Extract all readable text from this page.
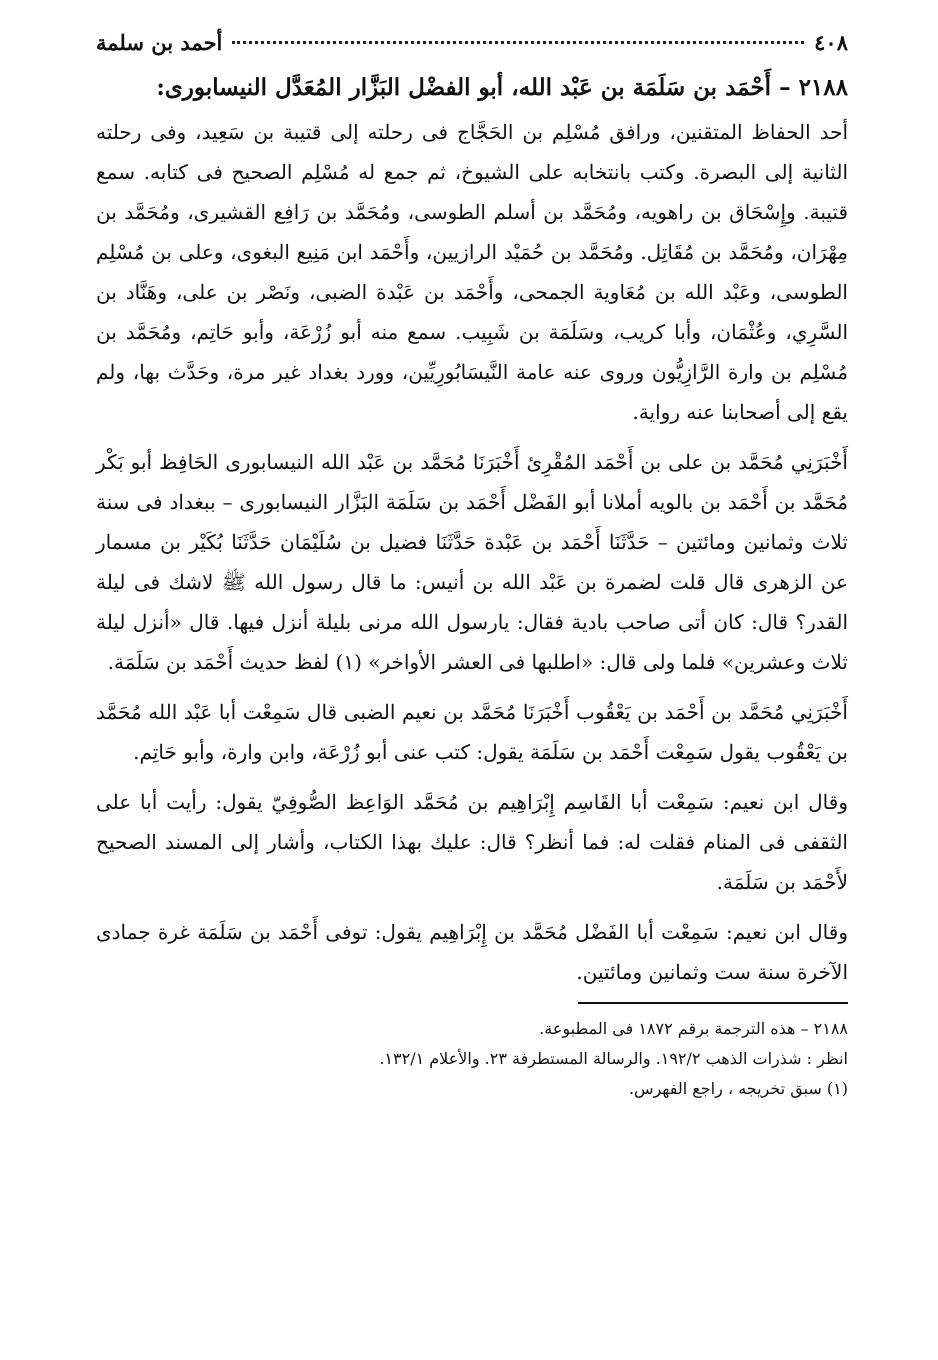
٤٠٨
أحمد بن سلمة
٢١٨٨ – أَحْمَد بن سَلَمَة بن عَبْد الله، أبو الفضْل البَزَّار المُعَدَّل النيسابورى:

أحد الحفاظ المتقنين، ورافق مُسْلِم بن الحَجَّاج فى رحلته إلى قتيبة بن سَعِيد، وفى رحلته الثانية إلى البصرة. وكتب بانتخابه على الشيوخ، ثم جمع له مُسْلِم الصحيح فى كتابه. سمع قتيبة. وإِسْحَاق بن راهويه، ومُحَمَّد بن أسلم الطوسى، ومُحَمَّد بن رَافِع القشيرى، ومُحَمَّد بن مِهْرَان، ومُحَمَّد بن مُقَاتِل. ومُحَمَّد بن حُمَيْد الرازيين، وأَحْمَد ابن مَنِيع البغوى، وعلى بن مُسْلِم الطوسى، وعَبْد الله بن مُعَاوية الجمحى، وأَحْمَد بن عَبْدة الضبى، ونَصْر بن على، وهَنَّاد بن السَّرِي، وعُثْمَان، وأبا كريب، وسَلَمَة بن شَبِيب. سمع منه أبو زُرْعَة، وأبو حَاتِم، ومُحَمَّد بن مُسْلِم بن وارة الرَّازِيُّون وروى عنه عامة النَّيسَابُورِيِّين، وورد بغداد غير مرة، وحَدَّث بها، ولم يقع إلى أصحابنا عنه رواية.

أَخْبَرَنِي مُحَمَّد بن على بن أَحْمَد المُقْرِئ أَخْبَرَنَا مُحَمَّد بن عَبْد الله النيسابورى الحَافِظ أبو بَكْر مُحَمَّد بن أَحْمَد بن بالويه أملانا أبو الفَضْل أَحْمَد بن سَلَمَة البَزَّار النيسابورى – ببغداد فى سنة ثلاث وثمانين ومائتين – حَدَّثَنَا أَحْمَد بن عَبْدة حَدَّثَنَا فضيل بن سُلَيْمَان حَدَّثَنَا بُكَيْر بن مسمار عن الزهرى قال قلت لضمرة بن عَبْد الله بن أنيس: ما قال رسول الله ﷺ لاشك فى ليلة القدر؟ قال: كان أتى صاحب بادية فقال: يارسول الله مرنى بليلة أنزل فيها. قال «أنزل ليلة ثلاث وعشرين» فلما ولى قال: «اطلبها فى العشر الأواخر» (١) لفظ حديث أَحْمَد بن سَلَمَة.

أَخْبَرَنِي مُحَمَّد بن أَحْمَد بن يَعْقُوب أَخْبَرَنَا مُحَمَّد بن نعيم الضبى قال سَمِعْت أبا عَبْد الله مُحَمَّد بن يَعْقُوب يقول سَمِعْت أَحْمَد بن سَلَمَة يقول: كتب عنى أبو زُرْعَة، وابن وارة، وأبو حَاتِم.

وقال ابن نعيم: سَمِعْت أبا القَاسِم إِبْرَاهِيم بن مُحَمَّد الوَاعِظ الصُّوفِيّ يقول: رأيت أبا على الثقفى فى المنام فقلت له: فما أنظر؟ قال: عليك بهذا الكتاب، وأشار إلى المسند الصحيح لأَحْمَد بن سَلَمَة.

وقال ابن نعيم: سَمِعْت أبا الفَضْل مُحَمَّد بن إِبْرَاهِيم يقول: توفى أَحْمَد بن سَلَمَة غرة جمادى الآخرة سنة ست وثمانين ومائتين.

٢١٨٨ – هذه الترجمة برقم ١٨٧٢ فى المطبوعة.
انظر : شذرات الذهب ١٩٢/٢. والرسالة المستطرفة ٢٣. والأعلام ١٣٢/١.
(١) سبق تخريجه ، راجع الفهرس.
